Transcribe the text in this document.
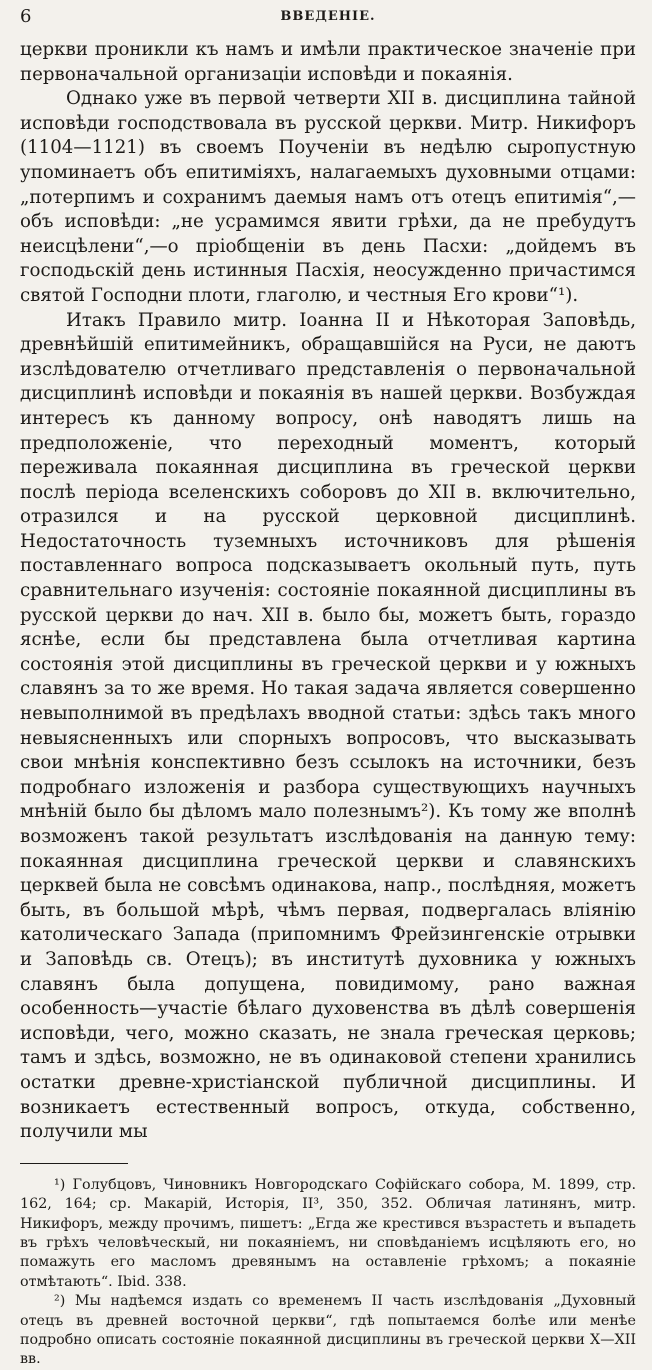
6	ВВЕДЕНІЕ.

церкви проникли къ намъ и имѣли практическое значеніе при первоначальной организаціи исповѣди и покаянія.

Однако уже въ первой четверти XII в. дисциплина тайной исповѣди господствовала въ русской церкви. Митр. Никифоръ (1104—1121) въ своемъ Поученіи въ недѣлю сыропустную упоминаетъ объ епитиміяхъ, налагаемыхъ духовными отцами: „потерпимъ и сохранимъ даемыя намъ отъ отецъ епитимія“,— объ исповѣди: „не усрамимся явити грѣхи, да не пребудутъ неисцѣлени“,—о пріобщеніи въ день Пасхи: „дойдемъ въ господьскій день истинныя Пасхія, неосужденно причастимся святой Господни плоти, глаголю, и честныя Его крови“¹).

Итакъ Правило митр. Іоанна II и Нѣкоторая Заповѣдь, древнѣйшій епитимейникъ, обращавшійся на Руси, не даютъ изслѣдователю отчетливаго представленія о первоначальной дисциплинѣ исповѣди и покаянія въ нашей церкви. Возбуждая интересъ къ данному вопросу, онѣ наводятъ лишь на предположеніе, что переходный моментъ, который переживала покаянная дисциплина въ греческой церкви послѣ періода вселенскихъ соборовъ до XII в. включительно, отразился и на русской церковной дисциплинѣ. Недостаточность туземныхъ источниковъ для рѣшенія поставленнаго вопроса подсказываетъ окольный путь, путь сравнительнаго изученія: состояніе покаянной дисциплины въ русской церкви до нач. XII в. было бы, можетъ быть, гораздо яснѣе, если бы представлена была отчетливая картина состоянія этой дисциплины въ греческой церкви и у южныхъ славянъ за то же время. Но такая задача является совершенно невыполнимой въ предѣлахъ вводной статьи: здѣсь такъ много невыясненныхъ или спорныхъ вопросовъ, что высказывать свои мнѣнія конспективно безъ ссылокъ на источники, безъ подробнаго изложенія и разбора существующихъ научныхъ мнѣній было бы дѣломъ мало полезнымъ²). Къ тому же вполнѣ возможенъ такой результатъ изслѣдованія на данную тему: покаянная дисциплина греческой церкви и славянскихъ церквей была не совсѣмъ одинакова, напр., послѣдняя, можетъ быть, въ большой мѣрѣ, чѣмъ первая, подвергалась вліянію католическаго Запада (припомнимъ Фрейзингенскіе отрывки и Заповѣдь св. Отецъ); въ институтѣ духовника у южныхъ славянъ была допущена, повидимому, рано важная особенность—участіе бѣлаго духовенства въ дѣлѣ совершенія исповѣди, чего, можно сказать, не знала греческая церковь; тамъ и здѣсь, возможно, не въ одинаковой степени хранились остатки древне-христіанской публичной дисциплины. И возникаетъ естественный вопросъ, откуда, собственно, получили мы

¹) Голубцовъ, Чиновникъ Новгородскаго Софійскаго собора, М. 1899, стр. 162, 164; ср. Макарій, Исторія, II³, 350, 352. Обличая латинянъ, митр. Никифоръ, между прочимъ, пишетъ: „Егда же крестився възрастеть и въпадеть въ грѣхъ человѣческый, ни покаяніемъ, ни сповѣданіемъ исцѣляють его, но помажуть его масломъ древянымъ на оставленіе грѣхомъ; а покаяніе отмѣтають“. Ibid. 338.

²) Мы надѣемся издать со временемъ II часть изслѣдованія „Духовный отецъ въ древней восточной церкви“, гдѣ попытаемся болѣе или менѣе подробно описать состояніе покаянной дисциплины въ греческой церкви X—XII вв.
